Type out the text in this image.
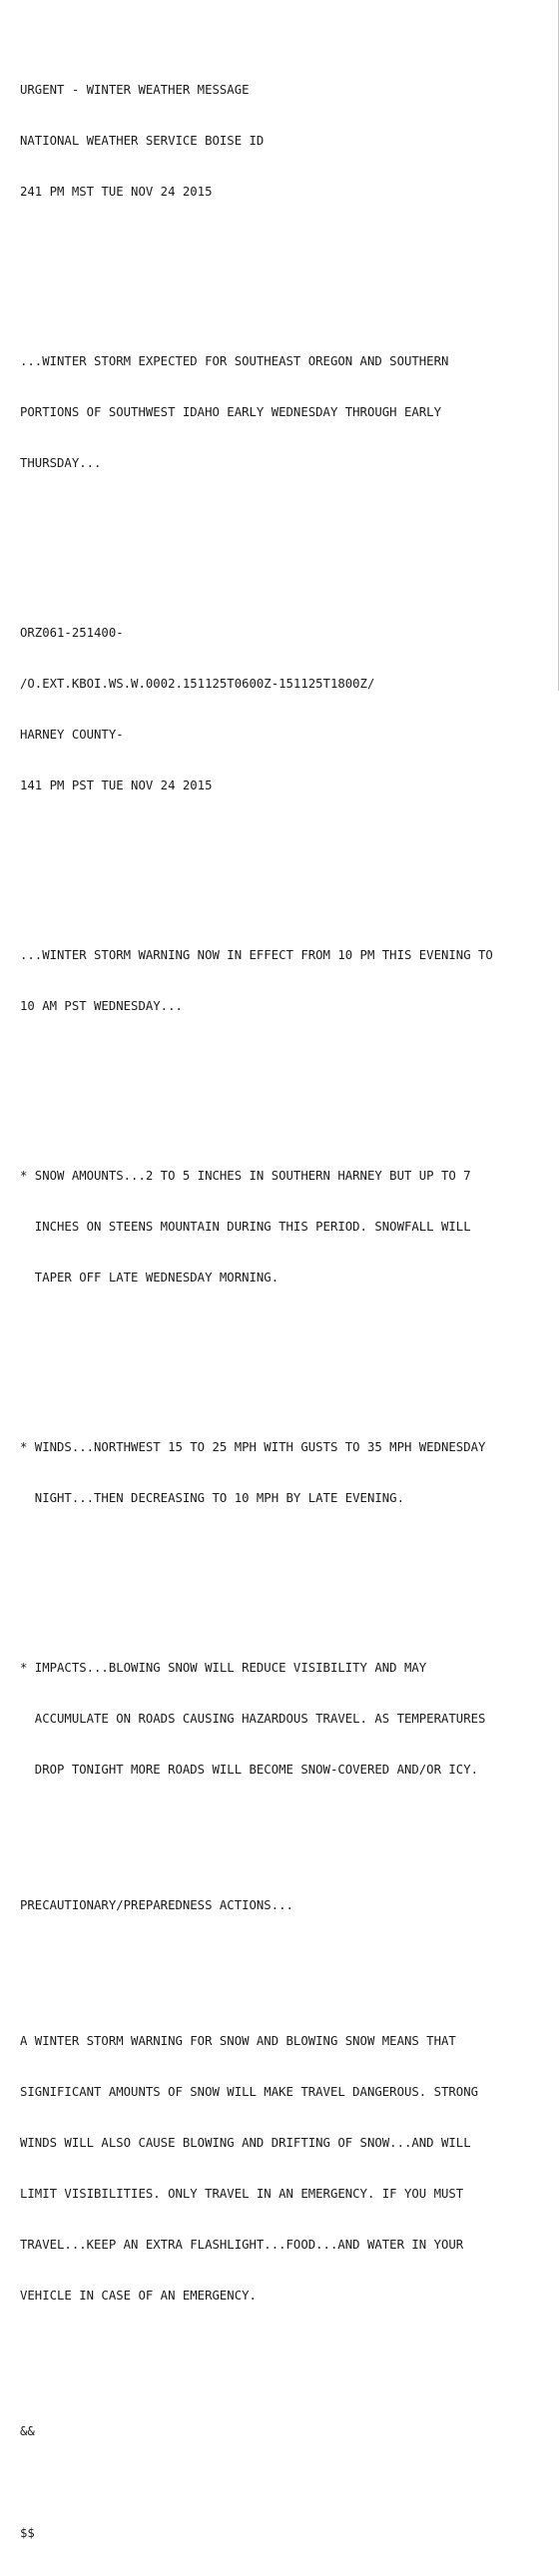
URGENT - WINTER WEATHER MESSAGE

NATIONAL WEATHER SERVICE BOISE ID

241 PM MST TUE NOV 24 2015

...WINTER STORM EXPECTED FOR SOUTHEAST OREGON AND SOUTHERN

PORTIONS OF SOUTHWEST IDAHO EARLY WEDNESDAY THROUGH EARLY

THURSDAY...

ORZ061-251400-

/O.EXT.KBOI.WS.W.0002.151125T0600Z-151125T1800Z/

HARNEY COUNTY-

141 PM PST TUE NOV 24 2015

...WINTER STORM WARNING NOW IN EFFECT FROM 10 PM THIS EVENING TO

10 AM PST WEDNESDAY...

* SNOW AMOUNTS...2 TO 5 INCHES IN SOUTHERN HARNEY BUT UP TO 7

INCHES ON STEENS MOUNTAIN DURING THIS PERIOD. SNOWFALL WILL

TAPER OFF LATE WEDNESDAY MORNING.

* WINDS...NORTHWEST 15 TO 25 MPH WITH GUSTS TO 35 MPH WEDNESDAY

NIGHT...THEN DECREASING TO 10 MPH BY LATE EVENING.

* IMPACTS...BLOWING SNOW WILL REDUCE VISIBILITY AND MAY

ACCUMULATE ON ROADS CAUSING HAZARDOUS TRAVEL. AS TEMPERATURES

DROP TONIGHT MORE ROADS WILL BECOME SNOW-COVERED AND/OR ICY.

PRECAUTIONARY/PREPAREDNESS ACTIONS...

A WINTER STORM WARNING FOR SNOW AND BLOWING SNOW MEANS THAT

SIGNIFICANT AMOUNTS OF SNOW WILL MAKE TRAVEL DANGEROUS. STRONG

WINDS WILL ALSO CAUSE BLOWING AND DRIFTING OF SNOW...AND WILL

LIMIT VISIBILITIES. ONLY TRAVEL IN AN EMERGENCY. IF YOU MUST

TRAVEL...KEEP AN EXTRA FLASHLIGHT...FOOD...AND WATER IN YOUR

VEHICLE IN CASE OF AN EMERGENCY.

&&

$$
